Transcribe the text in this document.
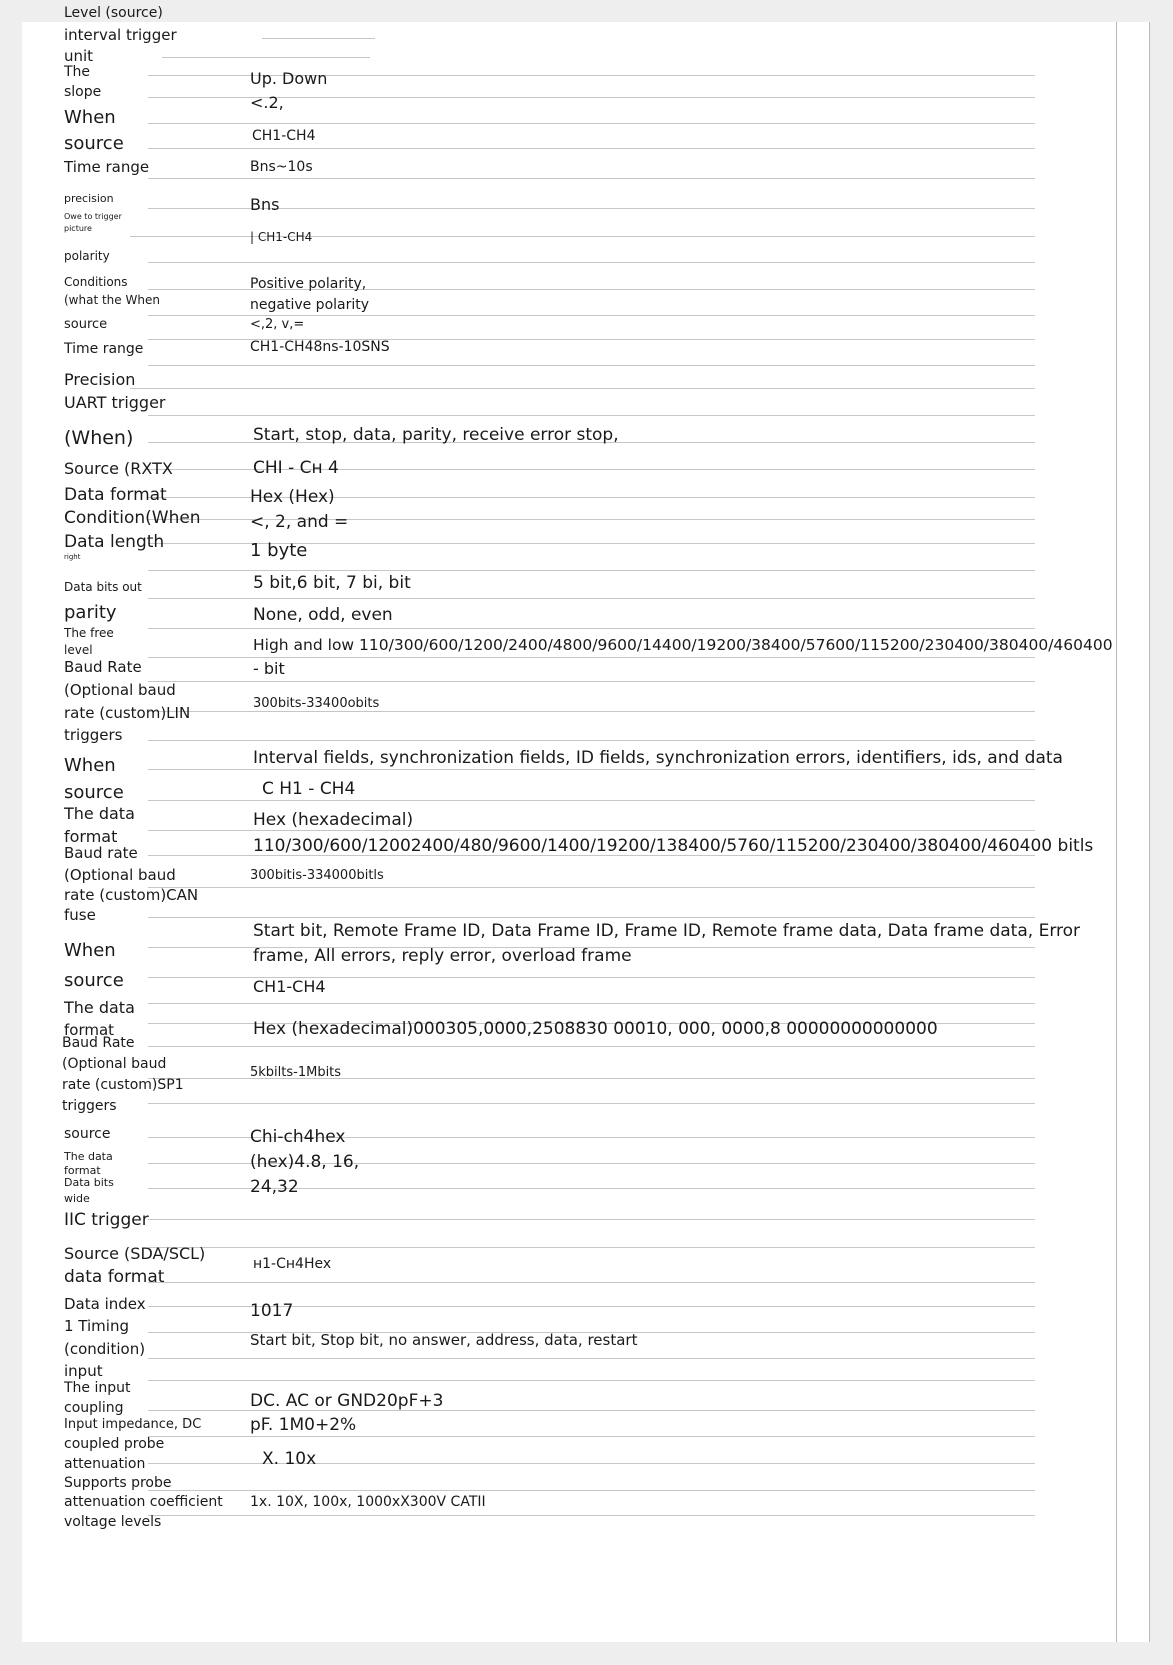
Level (source)
interval trigger
unit
The
slope
When
source
Time range
precision
Owe to trigger
picture
polarity
Conditions
(what the When
source
Time range
Precision
UART trigger
(When)
Source (RXTX
Data format
Condition(When
Data length
right
Data bits out
parity
The free
level
Baud Rate
(Optional baud
rate (custom)LIN
triggers
When
source
The data
format
Baud rate
(Optional baud
rate (custom)CAN
fuse
When
source
The data
format
Baud Rate
(Optional baud
rate (custom)SP1
triggers
source
The data
format
Data bits
wide
IIC trigger
Source (SDA/SCL)
data format
Data index
1 Timing
(condition)
input
The input
coupling
Input impedance, DC
coupled probe
attenuation
Supports probe
attenuation coefficient
voltage levels
| CH1-CH4
Up. Down
<.2,
CH1-CH4
Bns~10s
Bns
Positive polarity,
negative polarity
<,2, v,=
CH1-CH48ns-10SNS
Start, stop, data, parity, receive error stop,
CHI - Cн 4
Hex (Hex)
<, 2, and =
1 byte
5 bit,6 bit, 7 bi, bit
None, odd, even
High and low 110/300/600/1200/2400/4800/9600/14400/19200/38400/57600/115200/230400/380400/460400
- bit
300bits-33400obits
Interval fields, synchronization fields, ID fields, synchronization errors, identifiers, ids, and data
C H1 - CH4
Hex (hexadecimal)
110/300/600/12002400/480/9600/1400/19200/138400/5760/115200/230400/380400/460400 bitls
300bitis-334000bitls
Start bit, Remote Frame ID, Data Frame ID, Frame ID, Remote frame data, Data frame data, Error
frame, All errors, reply error, overload frame
CH1-CH4
Hex (hexadecimal)000305,0000,2508830 00010, 000, 0000,8 00000000000000
5kbilts-1Mbits
Chi-ch4hex
(hex)4.8, 16,
24,32
н1-Cн4Hex
1017
Start bit, Stop bit, no answer, address, data, restart
DC. AC or GND20pF+3
pF. 1M0+2%
X. 10x
1x. 10X, 100x, 1000xX300V CATII
